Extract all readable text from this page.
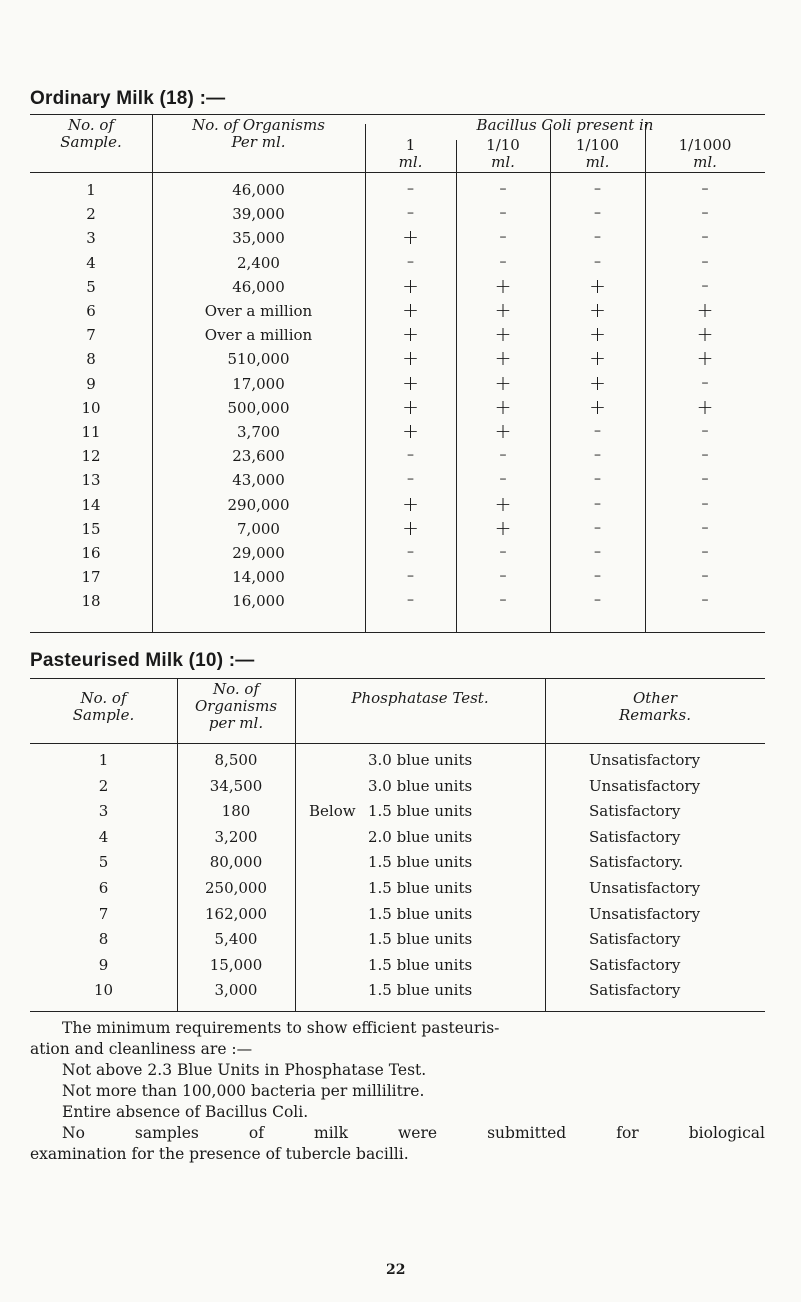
Ordinary Milk (18) :—
No. of
Sample.
No. of Organisms
Per ml.
Bacillus Coli present in
1
ml.
1/10
ml.
1/100
ml.
1/1000
ml.
1	46,000	–	–	–	–
2	39,000	–	–	–	–
3	35,000	+	–	–	–
4	2,400	–	–	–	–
5	46,000	+	+	+	–
6	Over a million	+	+	+	+
7	Over a million	+	+	+	+
8	510,000	+	+	+	+
9	17,000	+	+	+	–
10	500,000	+	+	+	+
11	3,700	+	+	–	–
12	23,600	–	–	–	–
13	43,000	–	–	–	–
14	290,000	+	+	–	–
15	7,000	+	+	–	–
16	29,000	–	–	–	–
17	14,000	–	–	–	–
18	16,000	–	–	–	–
Pasteurised Milk (10) :—
No. of
Sample.
No. of
Organisms
per ml.
Phosphatase Test.	Other
Remarks.
1	8,500	3.0 blue units	Unsatisfactory
2	34,500	3.0 blue units	Unsatisfactory
3	180	Below 1.5 blue units	Satisfactory
4	3,200	2.0 blue units	Satisfactory
5	80,000	1.5 blue units	Satisfactory.
6	250,000	1.5 blue units	Unsatisfactory
7	162,000	1.5 blue units	Unsatisfactory
8	5,400	1.5 blue units	Satisfactory
9	15,000	1.5 blue units	Satisfactory
10	3,000	1.5 blue units	Satisfactory
The minimum requirements to show efficient pasteuris-
ation and cleanliness are :—
Not above 2.3 Blue Units in Phosphatase Test.
Not more than 100,000 bacteria per millilitre.
Entire absence of Bacillus Coli.
No samples of milk were submitted for biological
examination for the presence of tubercle bacilli.
22
